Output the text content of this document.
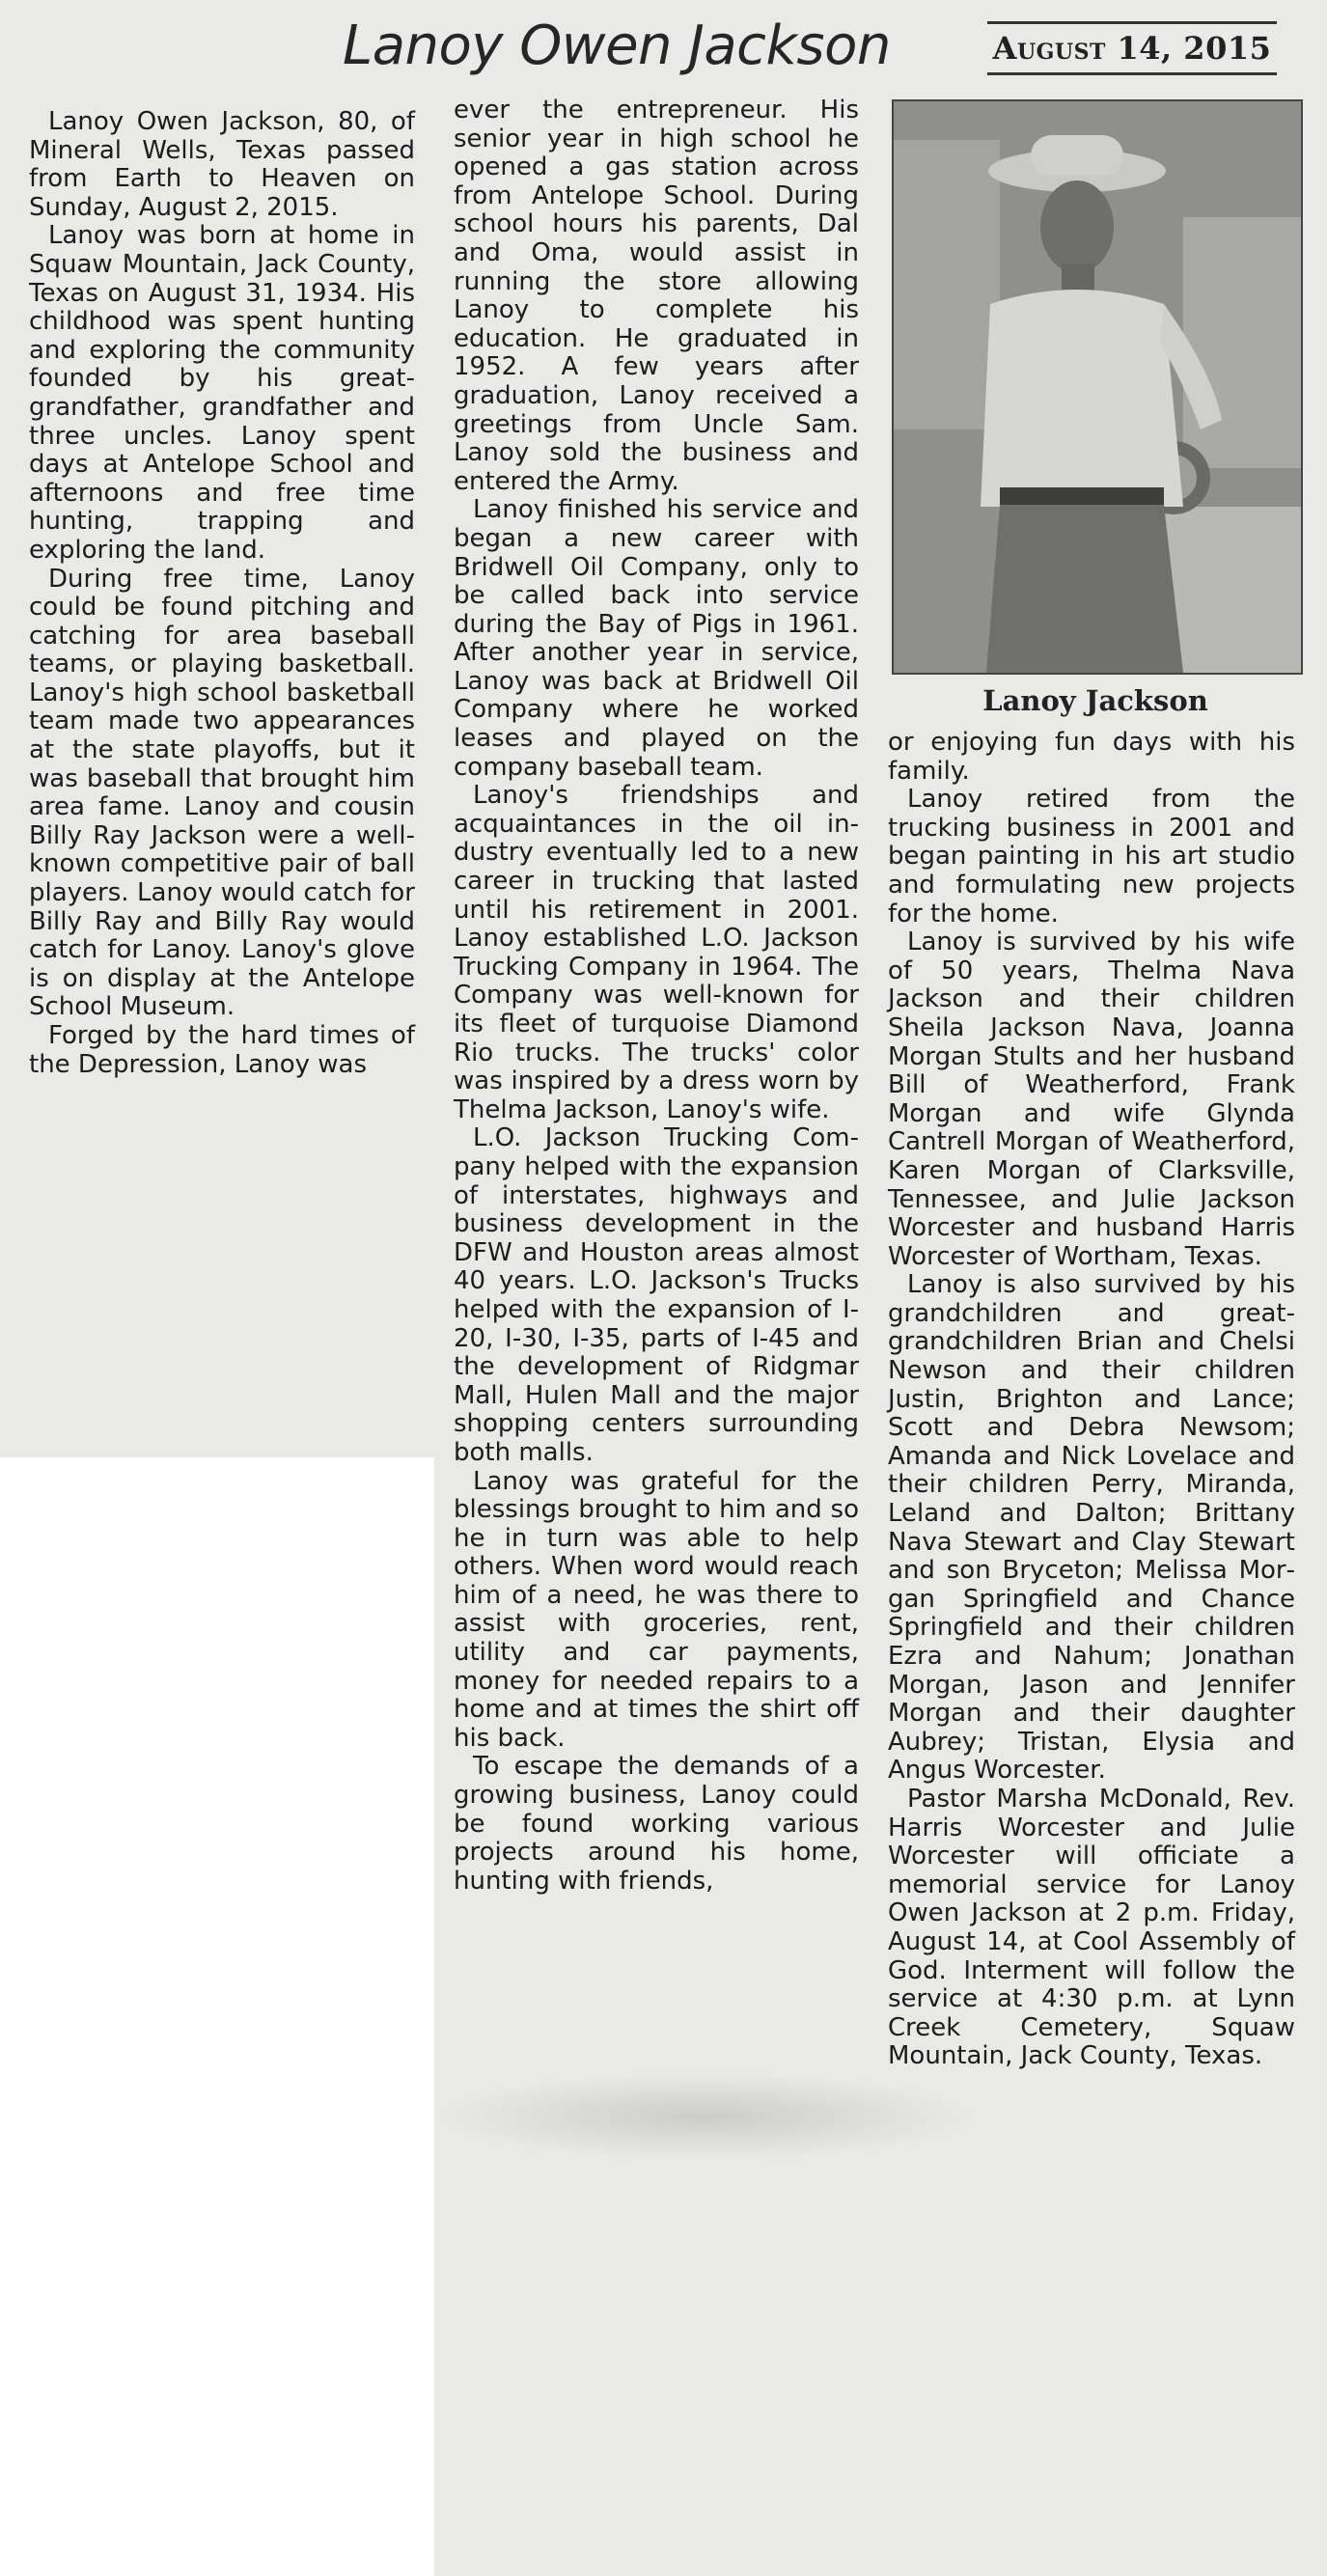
Lanoy Owen Jackson	August 14, 2015

Lanoy Owen Jackson, 80, of Mineral Wells, Texas passed from Earth to Heaven on Sunday, August 2, 2015.

Lanoy was born at home in Squaw Mountain, Jack County, Texas on August 31, 1934. His childhood was spent hunting and exploring the community founded by his great-grandfather, grandfather and three uncles. Lanoy spent days at Antelope School and afternoons and free time hunting, trapping and exploring the land.

During free time, Lanoy could be found pitching and catching for area baseball teams, or playing basketball. Lanoy's high school basketball team made two appearances at the state playoffs, but it was baseball that brought him area fame. Lanoy and cousin Billy Ray Jackson were a well-known competitive pair of ball players. Lanoy would catch for Billy Ray and Billy Ray would catch for Lanoy. Lanoy's glove is on display at the Antelope School Museum.

Forged by the hard times of the Depression, Lanoy was

ever the entrepreneur. His senior year in high school he opened a gas station across from Antelope School. During school hours his parents, Dal and Oma, would assist in running the store allowing Lanoy to complete his education. He graduated in 1952. A few years after graduation, Lanoy received a greetings from Uncle Sam. Lanoy sold the business and entered the Army.

Lanoy finished his service and began a new career with Bridwell Oil Company, only to be called back into service during the Bay of Pigs in 1961. After another year in service, Lanoy was back at Bridwell Oil Company where he worked leases and played on the company baseball team.

Lanoy's friendships and acquaintances in the oil industry eventually led to a new career in trucking that lasted until his retirement in 2001. Lanoy established L.O. Jackson Trucking Company in 1964. The Company was well-known for its fleet of turquoise Diamond Rio trucks. The trucks' color was inspired by a dress worn by Thelma Jackson, Lanoy's wife.

L.O. Jackson Trucking Company helped with the expansion of interstates, highways and business development in the DFW and Houston areas almost 40 years. L.O. Jackson's Trucks helped with the expansion of I-20, I-30, I-35, parts of I-45 and the development of Ridgmar Mall, Hulen Mall and the major shopping centers surrounding both malls.

Lanoy was grateful for the blessings brought to him and so he in turn was able to help others. When word would reach him of a need, he was there to assist with groceries, rent, utility and car payments, money for needed repairs to a home and at times the shirt off his back.

To escape the demands of a growing business, Lanoy could be found working various projects around his home, hunting with friends,

Lanoy Jackson

or enjoying fun days with his family.

Lanoy retired from the trucking business in 2001 and began painting in his art studio and formulating new projects for the home.

Lanoy is survived by his wife of 50 years, Thelma Nava Jackson and their children Sheila Jackson Nava, Joanna Morgan Stults and her husband Bill of Weatherford, Frank Morgan and wife Glynda Cantrell Morgan of Weatherford, Karen Morgan of Clarksville, Tennessee, and Julie Jackson Worcester and husband Harris Worcester of Wortham, Texas.

Lanoy is also survived by his grandchildren and great-grandchildren Brian and Chelsi Newson and their children Justin, Brighton and Lance; Scott and Debra Newsom; Amanda and Nick Lovelace and their children Perry, Miranda, Leland and Dalton; Brittany Nava Stewart and Clay Stewart and son Bryceton; Melissa Morgan Springfield and Chance Springfield and their children Ezra and Nahum; Jonathan Morgan, Jason and Jennifer Morgan and their daughter Aubrey; Tristan, Elysia and Angus Worcester.

Pastor Marsha McDonald, Rev. Harris Worcester and Julie Worcester will officiate a memorial service for Lanoy Owen Jackson at 2 p.m. Friday, August 14, at Cool Assembly of God. Interment will follow the service at 4:30 p.m. at Lynn Creek Cemetery, Squaw Mountain, Jack County, Texas.
